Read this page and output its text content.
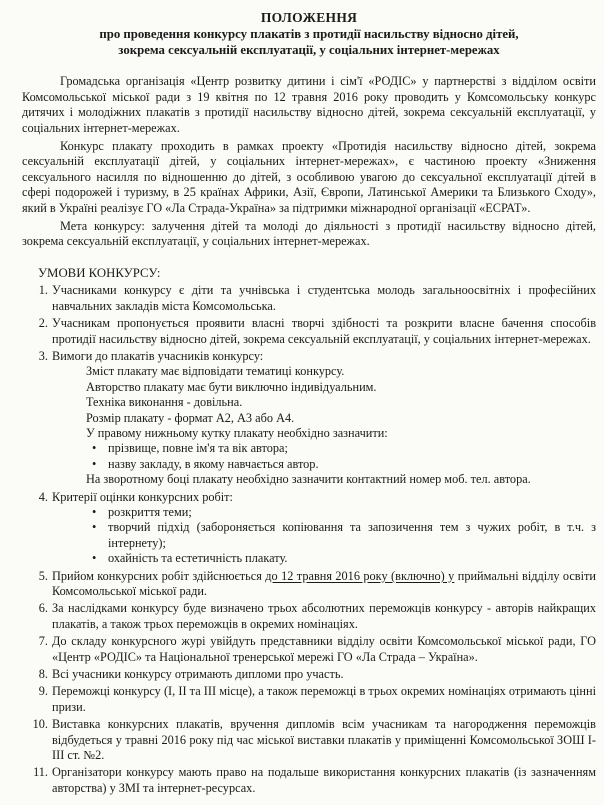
ПОЛОЖЕННЯ
про проведення конкурсу плакатів з протидії насильству відносно дітей,
зокрема сексуальній експлуатації, у соціальних інтернет-мережах

Громадська організація «Центр розвитку дитини і сім'ї «РОДІС» у партнерстві з відділом освіти Комсомольської міської ради з 19 квітня по 12 травня 2016 року проводить у Комсомольську конкурс дитячих і молодіжних плакатів з протидії насильству відносно дітей, зокрема сексуальній експлуатації, у соціальних інтернет-мережах.

Конкурс плакату проходить в рамках проекту «Протидія насильству відносно дітей, зокрема сексуальній експлуатації дітей, у соціальних інтернет-мережах», є частиною проекту «Зниження сексуального насилля по відношенню до дітей, з особливою увагою до сексуальної експлуатації дітей в сфері подорожей і туризму, в 25 країнах Африки, Азії, Європи, Латинської Америки та Близького Сходу», який в Україні реалізує ГО «Ла Страда-Україна» за підтримки міжнародної організації «ЕСРАТ».

Мета конкурсу: залучення дітей та молоді до діяльності з протидії насильству відносно дітей, зокрема сексуальній експлуатації, у соціальних інтернет-мережах.

УМОВИ КОНКУРСУ:
1. Учасниками конкурсу є діти та учнівська і студентська молодь загальноосвітніх і професійних навчальних закладів міста Комсомольська.
2. Учасникам пропонується проявити власні творчі здібності та розкрити власне бачення способів протидії насильству відносно дітей, зокрема сексуальній експлуатації, у соціальних інтернет-мережах.
3. Вимоги до плакатів учасників конкурсу:
Зміст плакату має відповідати тематиці конкурсу.
Авторство плакату має бути виключно індивідуальним.
Техніка виконання - довільна.
Розмір плакату - формат А2, А3 або А4.
У правому нижньому кутку плакату необхідно зазначити:
• прізвище, повне ім'я та вік автора;
• назву закладу, в якому навчається автор.
На зворотному боці плакату необхідно зазначити контактний номер моб. тел. автора.
4. Критерії оцінки конкурсних робіт:
• розкриття теми;
• творчий підхід (забороняється копіювання та запозичення тем з чужих робіт, в т.ч. з інтернету);
• охайність та естетичність плакату.
5. Прийом конкурсних робіт здійснюється до 12 травня 2016 року (включно) у приймальні відділу освіти Комсомольської міської ради.
6. За наслідками конкурсу буде визначено трьох абсолютних переможців конкурсу - авторів найкращих плакатів, а також трьох переможців в окремих номінаціях.
7. До складу конкурсного журі увійдуть представники відділу освіти Комсомольської міської ради, ГО «Центр «РОДІС» та Національної тренерської мережі ГО «Ла Страда – Україна».
8. Всі учасники конкурсу отримають дипломи про участь.
9. Переможці конкурсу (І, ІІ та ІІІ місце), а також переможці в трьох окремих номінаціях отримають цінні призи.
10. Виставка конкурсних плакатів, вручення дипломів всім учасникам та нагородження переможців відбудеться у травні 2016 року під час міської виставки плакатів у приміщенні Комсомольської ЗОШ І-ІІІ ст. №2.
11. Організатори конкурсу мають право на подальше використання конкурсних плакатів (із зазначенням авторства) у ЗМІ та інтернет-ресурсах.
